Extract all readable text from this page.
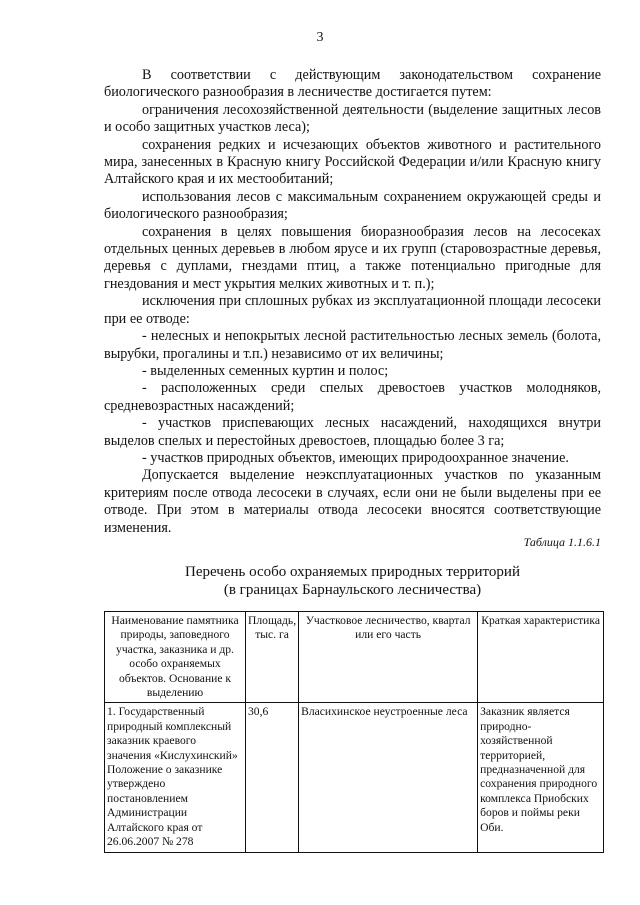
3

В соответствии с действующим законодательством сохранение биологического разнообразия в лесничестве достигается путем:

ограничения лесохозяйственной деятельности (выделение защитных лесов и особо защитных участков леса);

сохранения редких и исчезающих объектов животного и растительного мира, занесенных в Красную книгу Российской Федерации и/или Красную книгу Алтайского края и их местообитаний;

использования лесов с максимальным сохранением окружающей среды и биологического разнообразия;

сохранения в целях повышения биоразнообразия лесов на лесосеках отдельных ценных деревьев в любом ярусе и их групп (старовозрастные деревья, деревья с дуплами, гнездами птиц, а также потенциально пригодные для гнездования и мест укрытия мелких животных и т. п.);

исключения при сплошных рубках из эксплуатационной площади лесосеки при ее отводе:

- нелесных и непокрытых лесной растительностью лесных земель (болота, вырубки, прогалины и т.п.) независимо от их величины;

- выделенных семенных куртин и полос;

- расположенных среди спелых древостоев участков молодняков, средневозрастных насаждений;

- участков приспевающих лесных насаждений, находящихся внутри выделов спелых и перестойных древостоев, площадью более 3 га;

- участков природных объектов, имеющих природоохранное значение.

Допускается выделение неэксплуатационных участков по указанным критериям после отвода лесосеки в случаях, если они не были выделены при ее отводе. При этом в материалы отвода лесосеки вносятся соответствующие изменения.

Таблица 1.1.6.1
Перечень особо охраняемых природных территорий
(в границах Барнаульского лесничества)
Наименование памятника природы, заповедного участка, заказника и др. особо охраняемых объектов. Основание к выделению	Площадь, тыс. га	Участковое лесничество, квартал или его часть	Краткая характеристика
1. Государственный природный комплексный заказник краевого значения «Кислухинский» Положение о заказнике утверждено постановлением Администрации Алтайского края от 26.06.2007 № 278	30,6	Власихинское неустроенные леса	Заказник является природно-хозяйственной территорией, предназначенной для сохранения природного комплекса Приобских боров и поймы реки Оби.
